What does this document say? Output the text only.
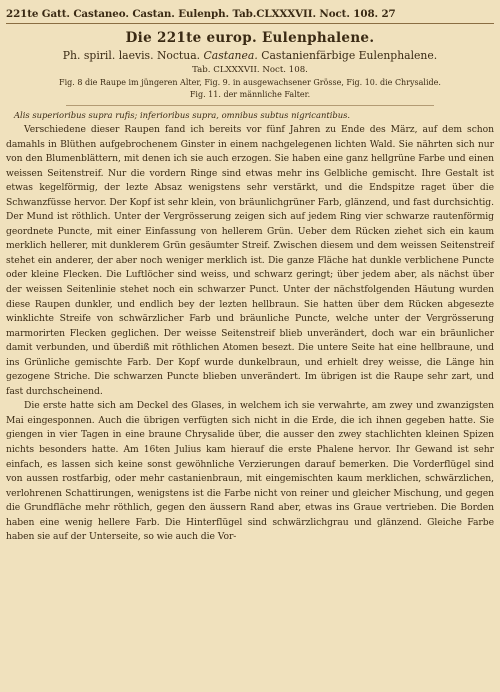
221te Gatt. Castaneo. Castan. Eulenph. Tab.CLXXXVII. Noct. 108. 27
Die 221te europ. Eulenphalene.
Ph. spiril. laevis. Noctua. Castanea. Castanienfärbige Eulenphalene.
Tab. CLXXXVII. Noct. 108.
Fig. 8 die Raupe im jüngeren Alter, Fig. 9. in ausgewachsener Grösse, Fig. 10. die Chrysalide.
Fig. 11. der männliche Falter.
Alis superioribus supra rufis; inferioribus supra, omnibus subtus nigricantibus.

Verschiedene dieser Raupen fand ich bereits vor fünf Jahren zu Ende des März, auf dem schon damahls in Blüthen aufgebrochenem Ginster in einem nachgelegenen lichten Wald. Sie nährten sich nur von den Blumenblättern, mit denen ich sie auch erzogen. Sie haben eine ganz hellgrüne Farbe und einen weissen Seitenstreif. Nur die vordern Ringe sind etwas mehr ins Gelbliche gemischt. Ihre Gestalt ist etwas kegelförmig, der lezte Absaz wenigstens sehr verstärkt, und die Endspitze raget über die Schwanzfüsse hervor. Der Kopf ist sehr klein, von bräunlichgrüner Farb, glänzend, und fast durchsichtig. Der Mund ist röthlich. Unter der Vergrösserung zeigen sich auf jedem Ring vier schwarze rautenförmig geordnete Puncte, mit einer Einfassung von hellerem Grün. Ueber dem Rücken ziehet sich ein kaum merklich hellerer, mit dunklerem Grün gesäumter Streif. Zwischen diesem und dem weissen Seitenstreif stehet ein anderer, der aber noch weniger merklich ist. Die ganze Fläche hat dunkle verblichene Puncte oder kleine Flecken. Die Luftlöcher sind weiss, und schwarz geringt; über jedem aber, als nächst über der weissen Seitenlinie stehet noch ein schwarzer Punct. Unter der nächstfolgenden Häutung wurden diese Raupen dunkler, und endlich bey der lezten hellbraun. Sie hatten über dem Rücken abgesezte winklichte Streife von schwärzlicher Farb und bräunliche Puncte, welche unter der Vergrösserung marmorirten Flecken geglichen. Der weisse Seitenstreif blieb unverändert, doch war ein bräunlicher damit verbunden, und überdiß mit röthlichen Atomen besezt. Die untere Seite hat eine hellbraune, und ins Grünliche gemischte Farb. Der Kopf wurde dunkelbraun, und erhielt drey weisse, die Länge hin gezogene Striche. Die schwarzen Puncte blieben unverändert. Im übrigen ist die Raupe sehr zart, und fast durchscheinend.

Die erste hatte sich am Deckel des Glases, in welchem ich sie verwahrte, am zwey und zwanzigsten Mai eingesponnen. Auch die übrigen verfügten sich nicht in die Erde, die ich ihnen gegeben hatte. Sie giengen in vier Tagen in eine braune Chrysalide über, die ausser den zwey stachlichten kleinen Spizen nichts besonders hatte. Am 16ten Julius kam hierauf die erste Phalene hervor. Ihr Gewand ist sehr einfach, es lassen sich keine sonst gewöhnliche Verzierungen darauf bemerken. Die Vorderflügel sind von aussen rostfarbig, oder mehr castanienbraun, mit eingemischten kaum merklichen, schwärzlichen, verlohrenen Schattirungen, wenigstens ist die Farbe nicht von reiner und gleicher Mischung, und gegen die Grundfläche mehr röthlich, gegen den äussern Rand aber, etwas ins Graue vertrieben. Die Borden haben eine wenig hellere Farb. Die Hinterflügel sind schwärzlichgrau und glänzend. Gleiche Farbe haben sie auf der Unterseite, so wie auch die Vor-
